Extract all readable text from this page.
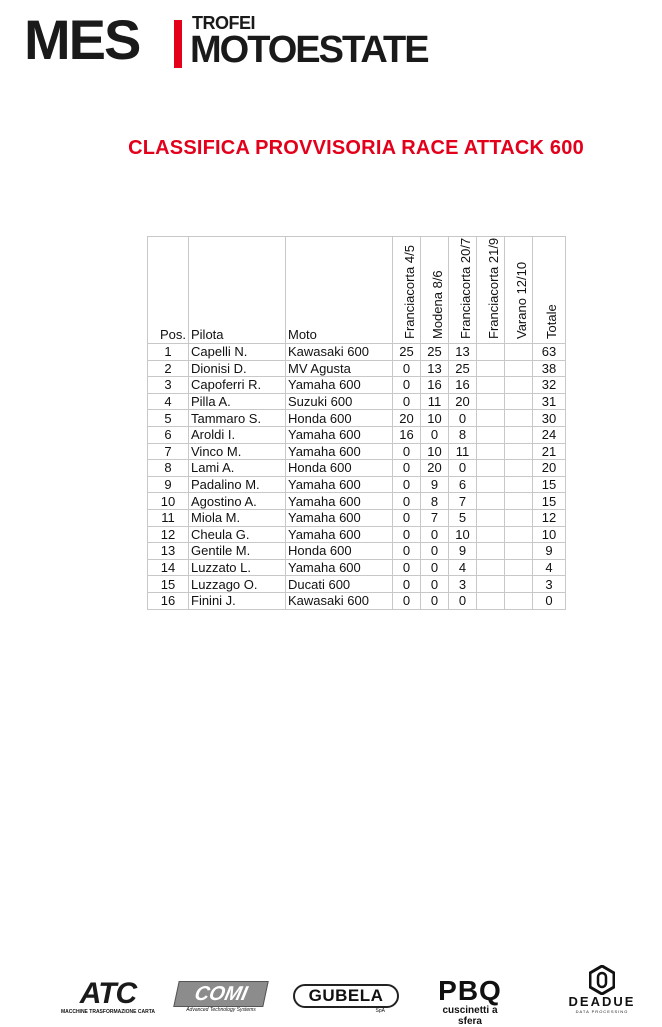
MES	TROFEI
MOTOESTATE
CLASSIFICA PROVVISORIA RACE ATTACK 600
Pos.	Pilota	Moto	Franciacorta 4/5	Modena 8/6	Franciacorta 20/7	Franciacorta 21/9	Varano 12/10	Totale

1	Capelli N.	Kawasaki 600	25	25	13			63
2	Dionisi D.	MV Agusta	0	13	25			38
3	Capoferri R.	Yamaha 600	0	16	16			32
4	Pilla A.	Suzuki 600	0	11	20			31
5	Tammaro S.	Honda 600	20	10	0			30
6	Aroldi I.	Yamaha 600	16	0	8			24
7	Vinco M.	Yamaha 600	0	10	11			21
8	Lami A.	Honda 600	0	20	0			20
9	Padalino M.	Yamaha 600	0	9	6			15
10	Agostino A.	Yamaha 600	0	8	7			15
11	Miola M.	Yamaha 600	0	7	5			12
12	Cheula G.	Yamaha 600	0	0	10			10
13	Gentile M.	Honda 600	0	0	9			9
14	Luzzato L.	Yamaha 600	0	0	4			4
15	Luzzago O.	Ducati 600	0	0	3			3
16	Finini J.	Kawasaki 600	0	0	0			0
ATC
MACCHINE TRASFORMAZIONE CARTA
COMI
Advanced Technology Systems
GUBELA
SpA
PBQ
cuscinetti a sfera
DEADUE
DATA PROCESSING
